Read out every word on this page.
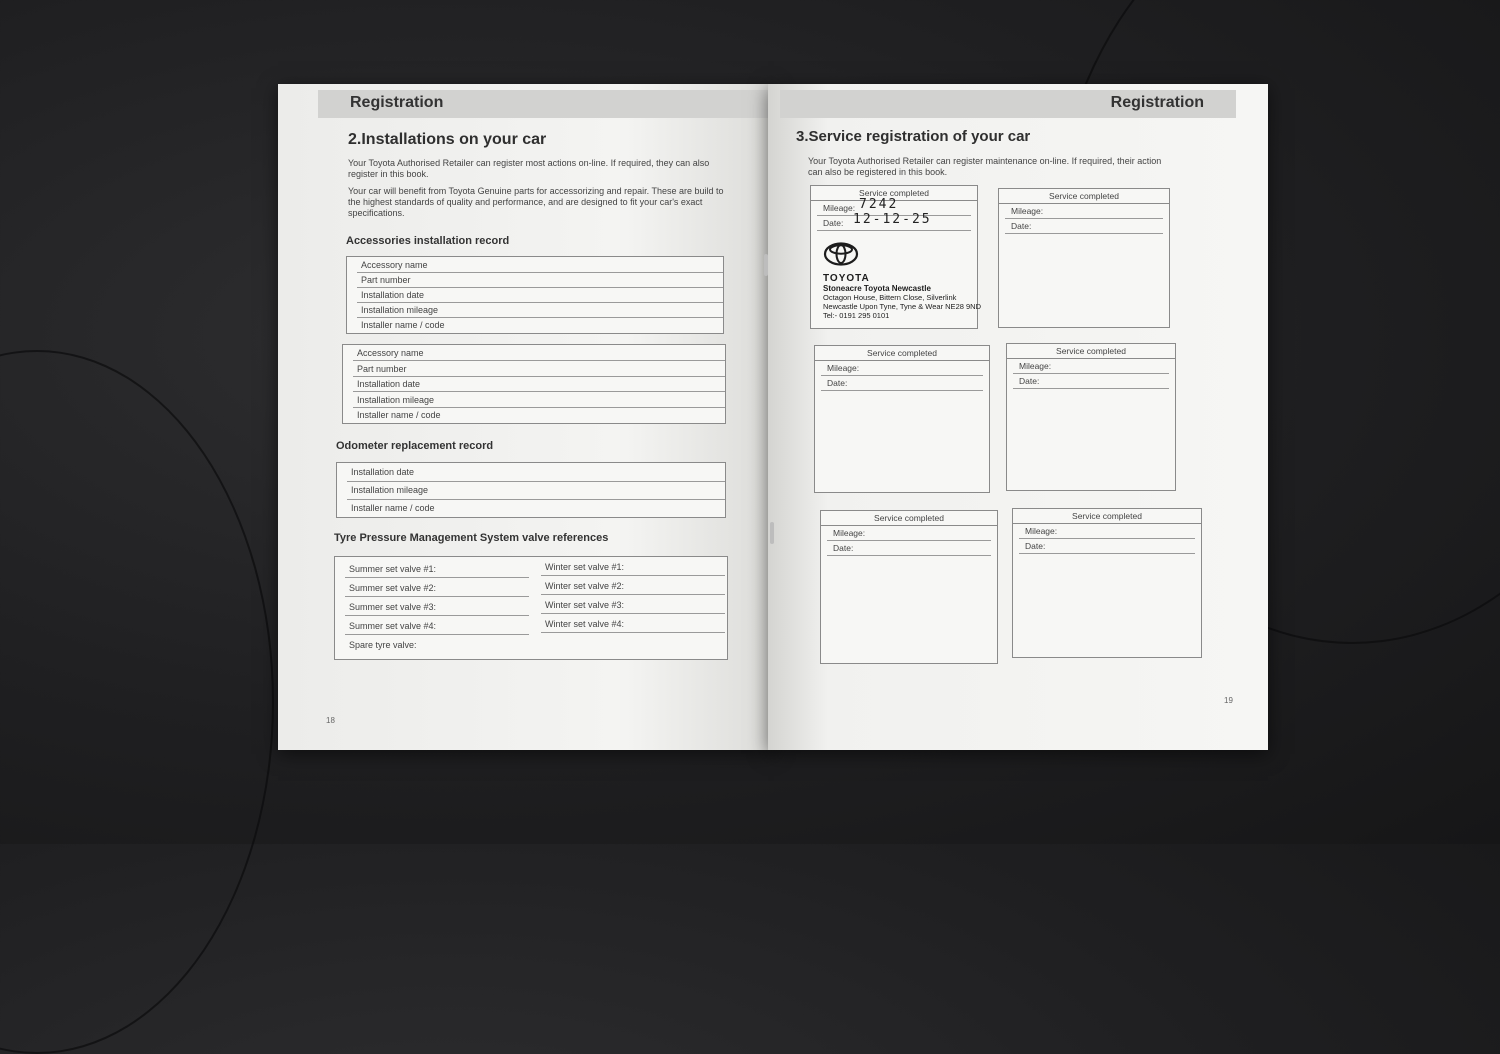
Registration
2.Installations on your car
Your Toyota Authorised Retailer can register most actions on-line. If required, they can also register in this book.
Your car will benefit from Toyota Genuine parts for accessorizing and repair. These are build to the highest standards of quality and performance, and are designed to fit your car's exact specifications.
Accessories installation record
Accessory name
Part number
Installation date
Installation mileage
Installer name / code
Accessory name
Part number
Installation date
Installation mileage
Installer name / code
Odometer replacement record
Installation date
Installation mileage
Installer name / code
Tyre Pressure Management System valve references
Summer set valve #1:
Summer set valve #2:
Summer set valve #3:
Summer set valve #4:
Spare tyre valve:
Winter set valve #1:
Winter set valve #2:
Winter set valve #3:
Winter set valve #4:
18
Registration
3.Service registration of your car
Your Toyota Authorised Retailer can register maintenance on-line. If required, their action can also be registered in this book.
Service completed
Mileage: 7242
Date: 12-12-25
TOYOTA
Stoneacre Toyota Newcastle
Octagon House, Bittern Close, Silverlink
Newcastle Upon Tyne, Tyne & Wear NE28 9ND
Tel:- 0191 295 0101
Service completed
Mileage:
Date:
Service completed
Mileage:
Date:
Service completed
Mileage:
Date:
Service completed
Mileage:
Date:
Service completed
Mileage:
Date:
19
